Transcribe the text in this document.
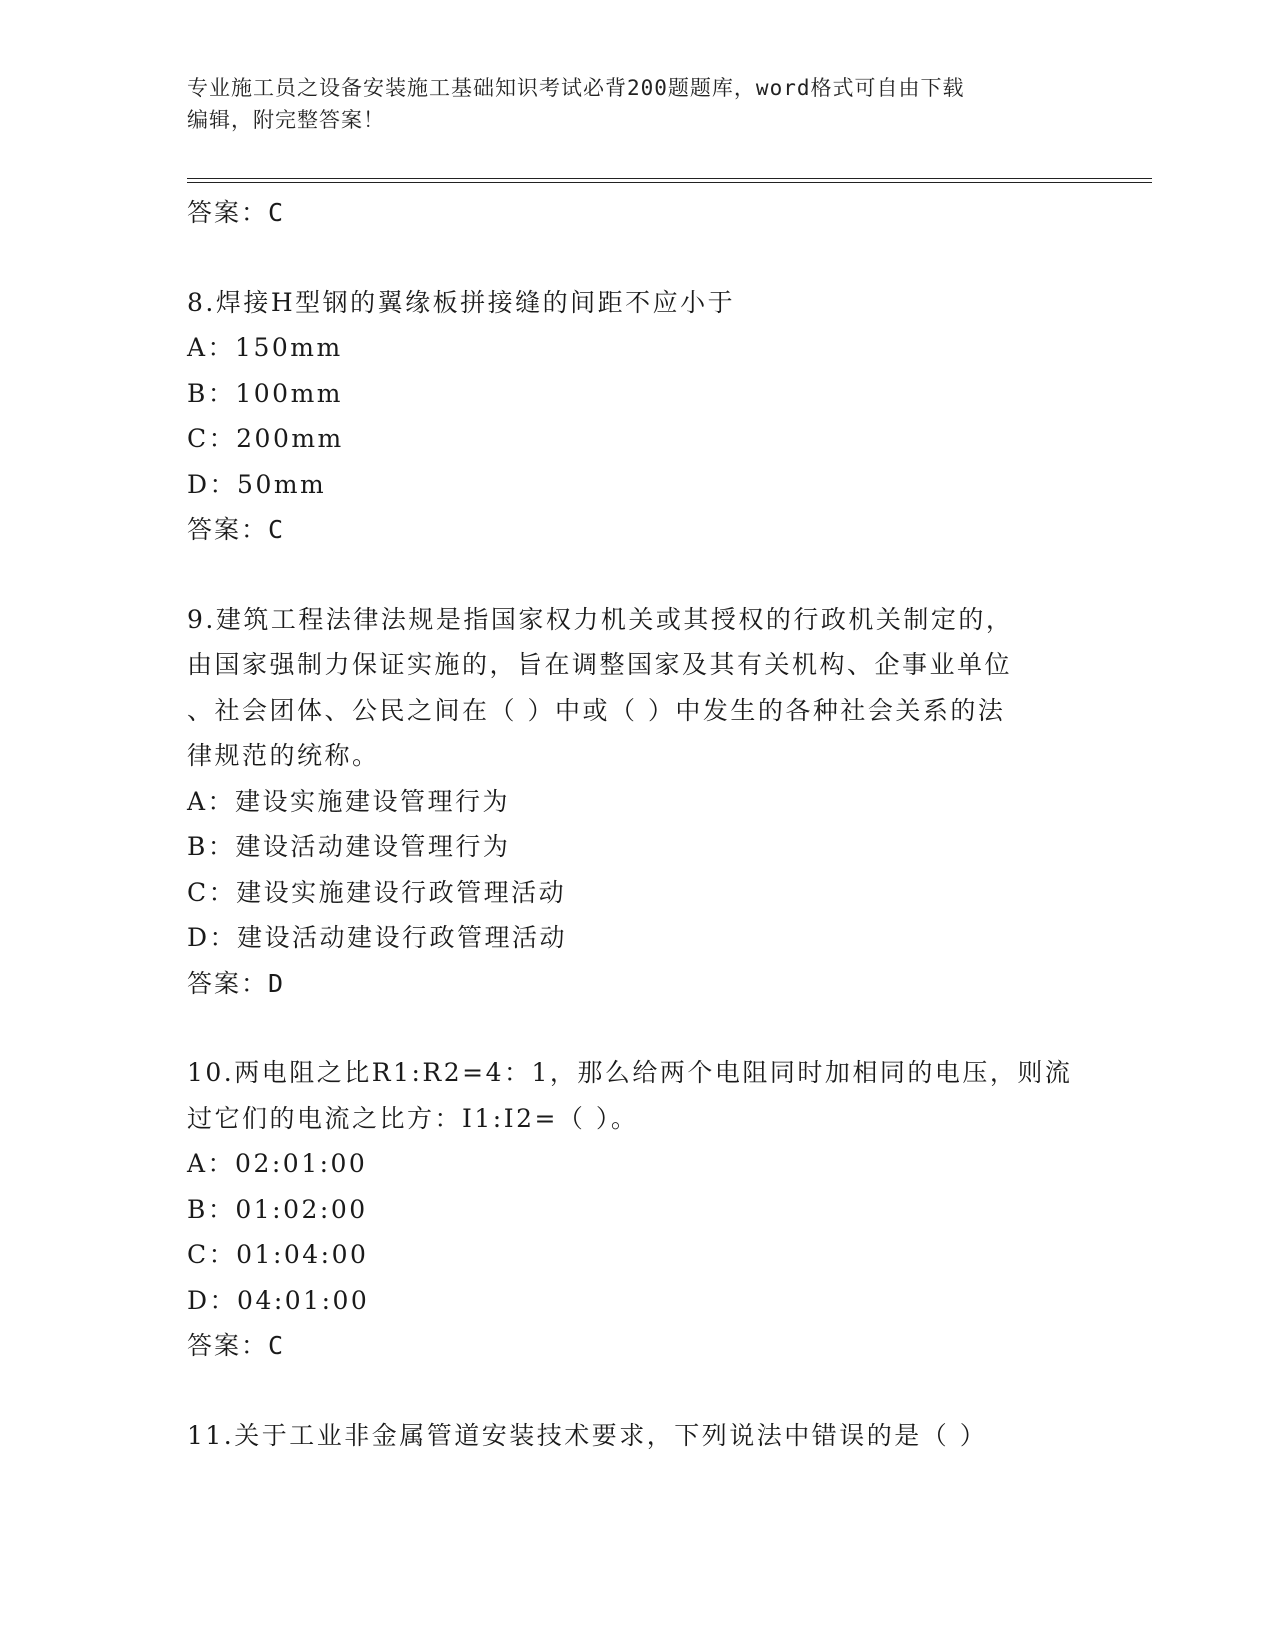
专业施工员之设备安装施工基础知识考试必背200题题库，word格式可自由下载
编辑，附完整答案！
答案：C
8.焊接H型钢的翼缘板拼接缝的间距不应小于
A：150mm
B：100mm
C：200mm
D：50mm
答案：C
9.建筑工程法律法规是指国家权力机关或其授权的行政机关制定的，
由国家强制力保证实施的，旨在调整国家及其有关机构、企事业单位
、社会团体、公民之间在（ ）中或（ ）中发生的各种社会关系的法
律规范的统称。
A：建设实施建设管理行为
B：建设活动建设管理行为
C：建设实施建设行政管理活动
D：建设活动建设行政管理活动
答案：D
10.两电阻之比R1:R2=4：1，那么给两个电阻同时加相同的电压，则流
过它们的电流之比方：I1:I2=（ ）。
A：02:01:00
B：01:02:00
C：01:04:00
D：04:01:00
答案：C
11.关于工业非金属管道安装技术要求，下列说法中错误的是（ ）
